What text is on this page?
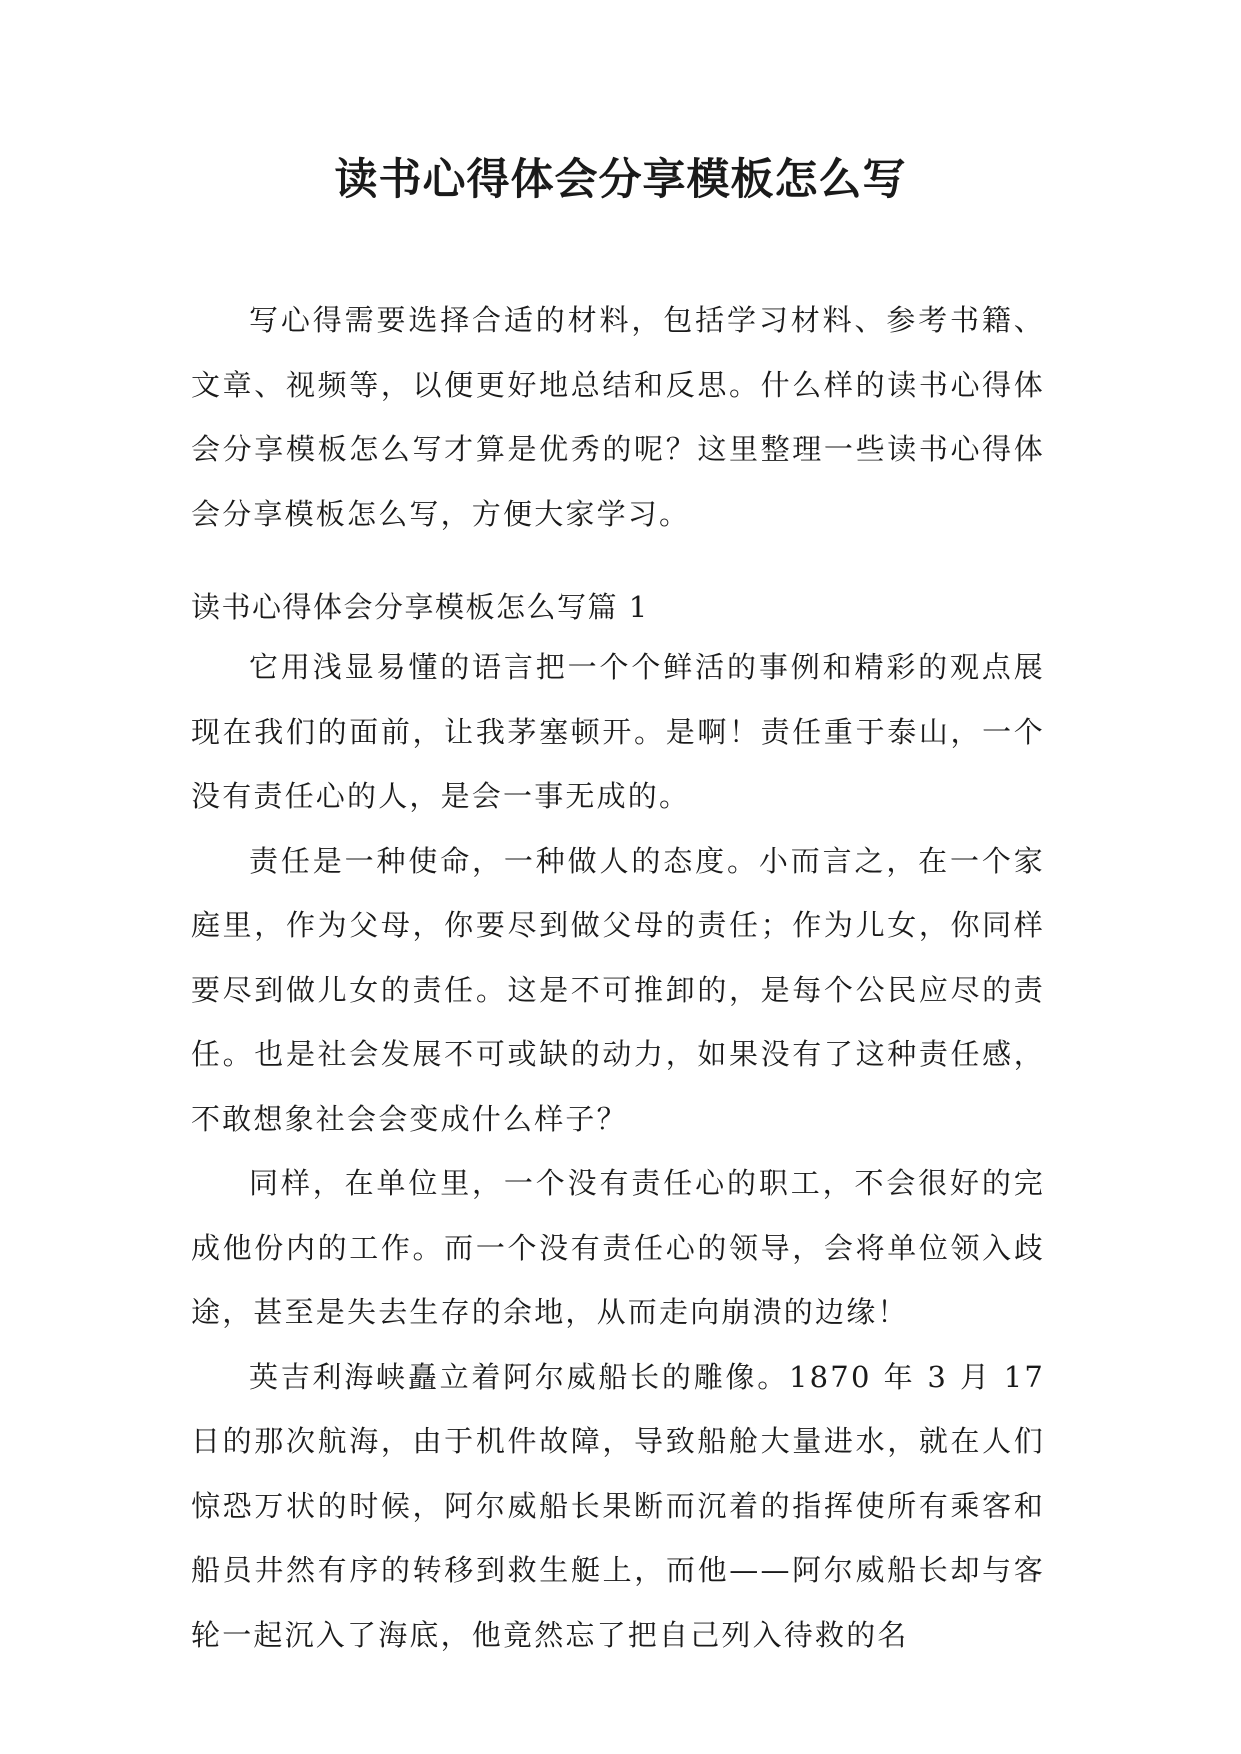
读书心得体会分享模板怎么写

写心得需要选择合适的材料，包括学习材料、参考书籍、文章、视频等，以便更好地总结和反思。什么样的读书心得体会分享模板怎么写才算是优秀的呢？这里整理一些读书心得体会分享模板怎么写，方便大家学习。

读书心得体会分享模板怎么写篇 1

它用浅显易懂的语言把一个个鲜活的事例和精彩的观点展现在我们的面前，让我茅塞顿开。是啊！责任重于泰山，一个没有责任心的人，是会一事无成的。

责任是一种使命，一种做人的态度。小而言之，在一个家庭里，作为父母，你要尽到做父母的责任；作为儿女，你同样要尽到做儿女的责任。这是不可推卸的，是每个公民应尽的责任。也是社会发展不可或缺的动力，如果没有了这种责任感，不敢想象社会会变成什么样子？

同样，在单位里，一个没有责任心的职工，不会很好的完成他份内的工作。而一个没有责任心的领导，会将单位领入歧途，甚至是失去生存的余地，从而走向崩溃的边缘！

英吉利海峡矗立着阿尔威船长的雕像。1870 年 3 月 17 日的那次航海，由于机件故障，导致船舱大量进水，就在人们惊恐万状的时候，阿尔威船长果断而沉着的指挥使所有乘客和船员井然有序的转移到救生艇上，而他——阿尔威船长却与客轮一起沉入了海底，他竟然忘了把自己列入待救的名
